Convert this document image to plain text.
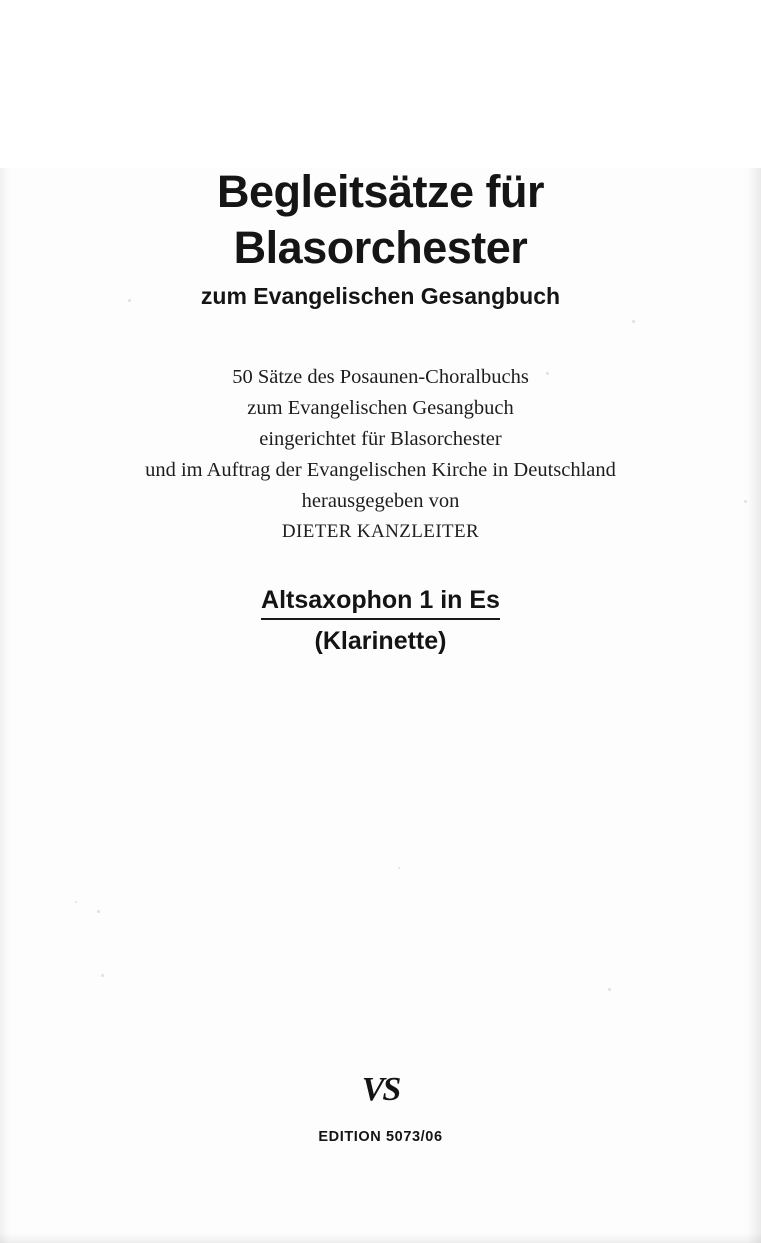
Begleitsätze für
Blasorchester
zum Evangelischen Gesangbuch
50 Sätze des Posaunen-Choralbuchs
zum Evangelischen Gesangbuch
eingerichtet für Blasorchester
und im Auftrag der Evangelischen Kirche in Deutschland
herausgegeben von
DIETER KANZLEITER
Altsaxophon 1 in Es
(Klarinette)
VS
EDITION 5073/06
